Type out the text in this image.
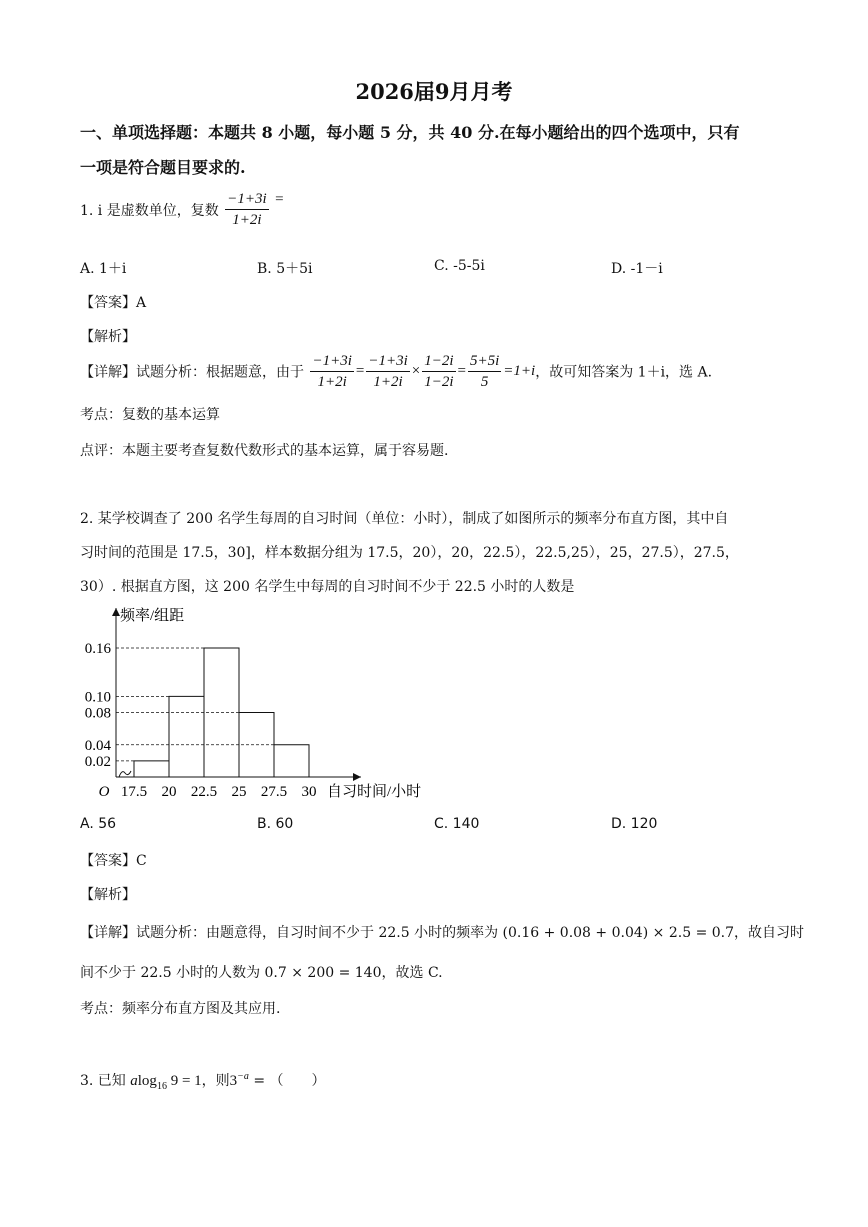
2026届9月月考
一、单项选择题：本题共 8 小题，每小题 5 分，共 40 分.在每小题给出的四个选项中，只有
一项是符合题目要求的.
1. i 是虚数单位，复数 $\frac{-1+3i}{1+2i}$ =
A. 1＋i	B. 5＋5i	C. -5-5i	D. -1－i
【答案】A
【解析】
【详解】试题分析：根据题意，由于 $\frac{-1+3i}{1+2i} = \frac{-1+3i}{1+2i} \times \frac{1-2i}{1-2i} = \frac{5+5i}{5} =1+i$，故可知答案为 1＋i，选 A.
考点：复数的基本运算
点评：本题主要考查复数代数形式的基本运算，属于容易题.
2. 某学校调查了 200 名学生每周的自习时间（单位：小时），制成了如图所示的频率分布直方图，其中自
习时间的范围是 17.5，30]，样本数据分组为 17.5，20），20，22.5），22.5,25），25，27.5），27.5，
30）. 根据直方图，这 200 名学生中每周的自习时间不少于 22.5 小时的人数是
0.16
0.10
0.08
0.04
0.02
17.5 20 22.5 25 27.5 30
O
频率/组距
自习时间/小时
A. 56	B. 60	C. 140	D. 120
【答案】C
【解析】
【详解】试题分析：由题意得，自习时间不少于 22.5 小时的频率为 (0.16 + 0.08 + 0.04) × 2.5 = 0.7，故自习时
间不少于 22.5 小时的人数为 0.7 × 200 = 140，故选 C.
考点：频率分布直方图及其应用.
3. 已知 alog$_{16}$ 9 = 1，则$3^{-a}$ = （　　）
